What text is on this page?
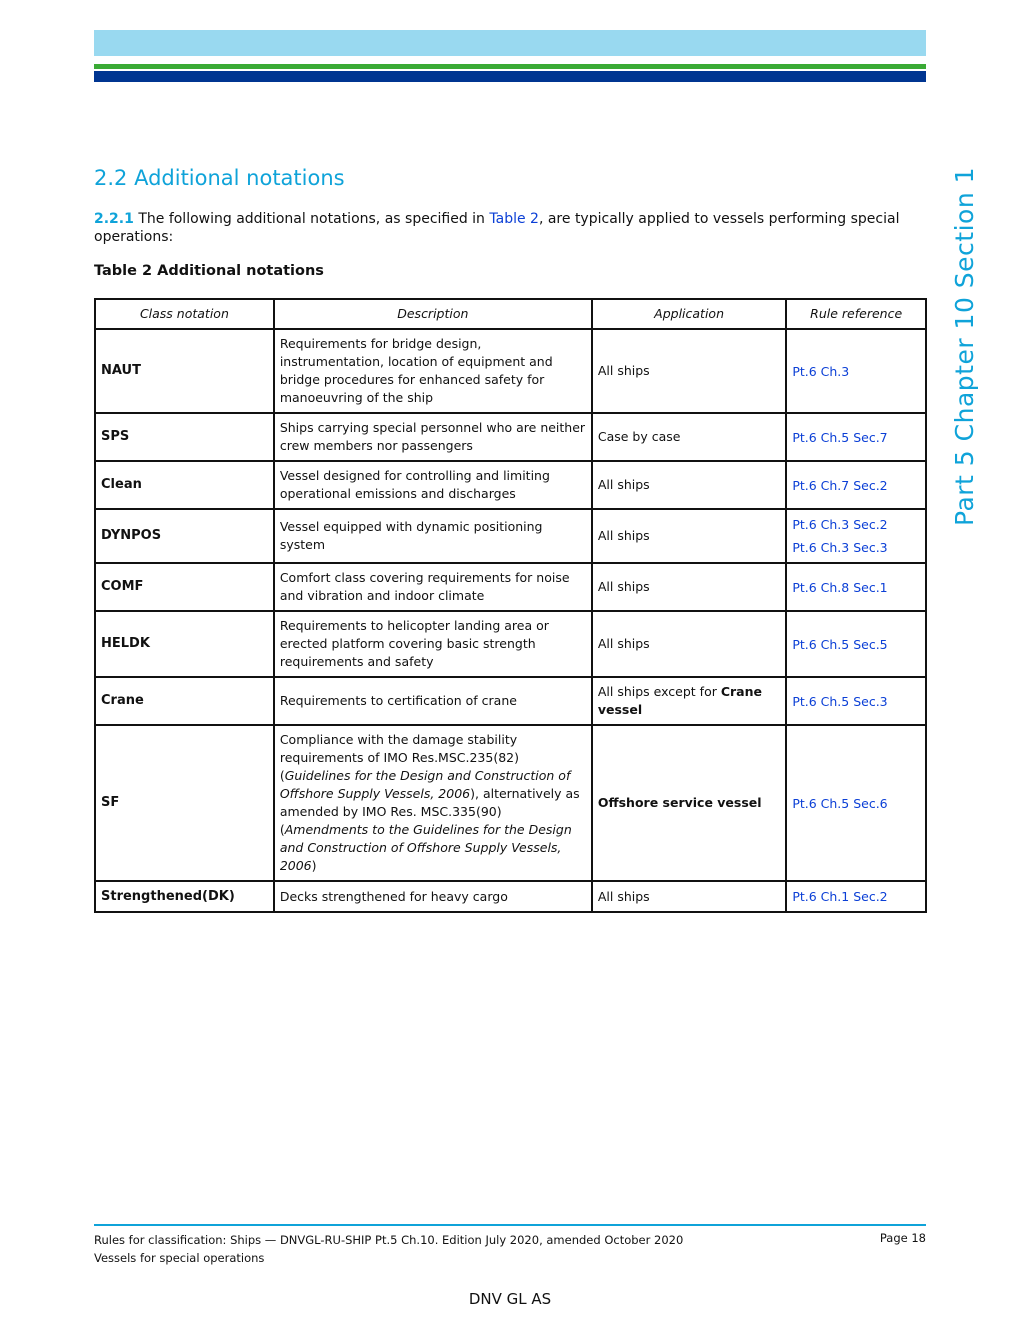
Part 5 Chapter 10 Section 1
2.2 Additional notations

2.2.1 The following additional notations, as specified in Table 2, are typically applied to vessels performing special operations:

Table 2 Additional notations

Class notation	Description	Application	Rule reference
NAUT	Requirements for bridge design, instrumentation, location of equipment and bridge procedures for enhanced safety for manoeuvring of the ship	All ships	Pt.6 Ch.3

SPS	Ships carrying special personnel who are neither crew members nor passengers	Case by case	Pt.6 Ch.5 Sec.7

Clean	Vessel designed for controlling and limiting operational emissions and discharges	All ships	Pt.6 Ch.7 Sec.2

DYNPOS	Vessel equipped with dynamic positioning system	All ships	Pt.6 Ch.3 Sec.2
Pt.6 Ch.3 Sec.3

COMF	Comfort class covering requirements for noise and vibration and indoor climate	All ships	Pt.6 Ch.8 Sec.1

HELDK	Requirements to helicopter landing area or erected platform covering basic strength requirements and safety	All ships	Pt.6 Ch.5 Sec.5

Crane	Requirements to certification of crane	All ships except for Crane vessel	Pt.6 Ch.5 Sec.3

SF	Compliance with the damage stability requirements of IMO Res.MSC.235(82) (Guidelines for the Design and Construction of Offshore Supply Vessels, 2006), alternatively as amended by IMO Res. MSC.335(90) (Amendments to the Guidelines for the Design and Construction of Offshore Supply Vessels, 2006)	Offshore service vessel	Pt.6 Ch.5 Sec.6

Strengthened(DK)	Decks strengthened for heavy cargo	All ships	Pt.6 Ch.1 Sec.2
Rules for classification: Ships — DNVGL-RU-SHIP Pt.5 Ch.10. Edition July 2020, amended October 2020
Vessels for special operations
Page 18
DNV GL AS
